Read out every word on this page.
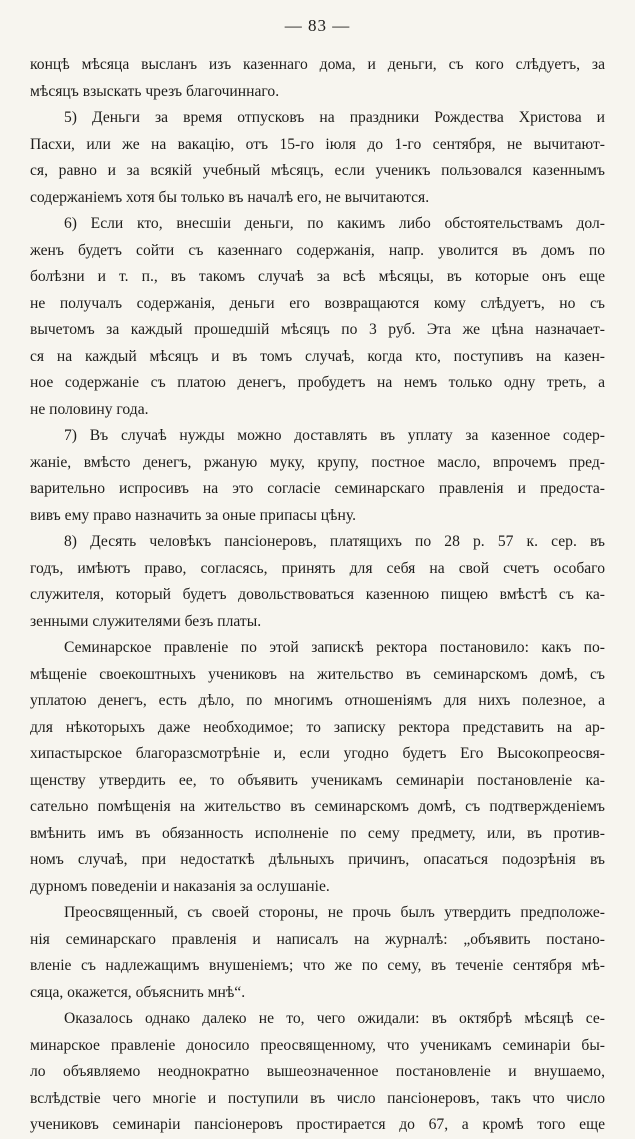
— 83 —
концѣ мѣсяца высланъ изъ казеннаго дома, и деньги, съ кого слѣдуетъ, за
мѣсяцъ взыскать чрезъ благочиннаго.
5) Деньги за время отпусковъ на праздники Рождества Христова и
Пасхи, или же на вакацію, отъ 15-го іюля до 1-го сентября, не вычитают-
ся, равно и за всякій учебный мѣсяцъ, если ученикъ пользовался казеннымъ
содержаніемъ хотя бы только въ началѣ его, не вычитаются.
6) Если кто, внесшіи деньги, по какимъ либо обстоятельствамъ дол-
женъ будетъ сойти съ казеннаго содержанія, напр. уволится въ домъ по
болѣзни и т. п., въ такомъ случаѣ за всѣ мѣсяцы, въ которые онъ еще
не получалъ содержанія, деньги его возвращаются кому слѣдуетъ, но съ
вычетомъ за каждый прошедшій мѣсяцъ по 3 руб. Эта же цѣна назначает-
ся на каждый мѣсяцъ и въ томъ случаѣ, когда кто, поступивъ на казен-
ное содержаніе съ платою денегъ, пробудетъ на немъ только одну треть, а
не половину года.
7) Въ случаѣ нужды можно доставлять въ уплату за казенное содер-
жаніе, вмѣсто денегъ, ржаную муку, крупу, постное масло, впрочемъ пред-
варительно испросивъ на это согласіе семинарскаго правленія и предоста-
вивъ ему право назначить за оные припасы цѣну.
8) Десять человѣкъ пансіонеровъ, платящихъ по 28 р. 57 к. сер. въ
годъ, имѣютъ право, согласясь, принять для себя на свой счетъ особаго
служителя, который будетъ довольствоваться казенною пищею вмѣстѣ съ ка-
зенными служителями безъ платы.
Семинарское правленіе по этой запискѣ ректора постановило: какъ по-
мѣщеніе своекоштныхъ учениковъ на жительство въ семинарскомъ домѣ, съ
уплатою денегъ, есть дѣло, по многимъ отношеніямъ для нихъ полезное, а
для нѣкоторыхъ даже необходимое; то записку ректора представить на ар-
хипастырское благоразсмотрѣніе и, если угодно будетъ Его Высокопреосвя-
щенству утвердить ее, то объявить ученикамъ семинаріи постановленіе ка-
сательно помѣщенія на жительство въ семинарскомъ домѣ, съ подтвержденіемъ
вмѣнить имъ въ обязанность исполненіе по сему предмету, или, въ против-
номъ случаѣ, при недостаткѣ дѣльныхъ причинъ, опасаться подозрѣнія въ
дурномъ поведеніи и наказанія за ослушаніе.
Преосвященный, съ своей стороны, не прочь былъ утвердить предположе-
нія семинарскаго правленія и написалъ на журналѣ: „объявить постано-
вленіе съ надлежащимъ внушеніемъ; что же по сему, въ теченіе сентября мѣ-
сяца, окажется, объяснить мнѣ“.
Оказалось однако далеко не то, чего ожидали: въ октябрѣ мѣсяцѣ се-
минарское правленіе доносило преосвященному, что ученикамъ семинаріи бы-
ло объявляемо неоднократно вышеозначенное постановленіе и внушаемо,
вслѣдствіе чего многіе и поступили въ число пансіонеровъ, такъ что число
учениковъ семинаріи пансіонеровъ простирается до 67, а кромѣ того еще
